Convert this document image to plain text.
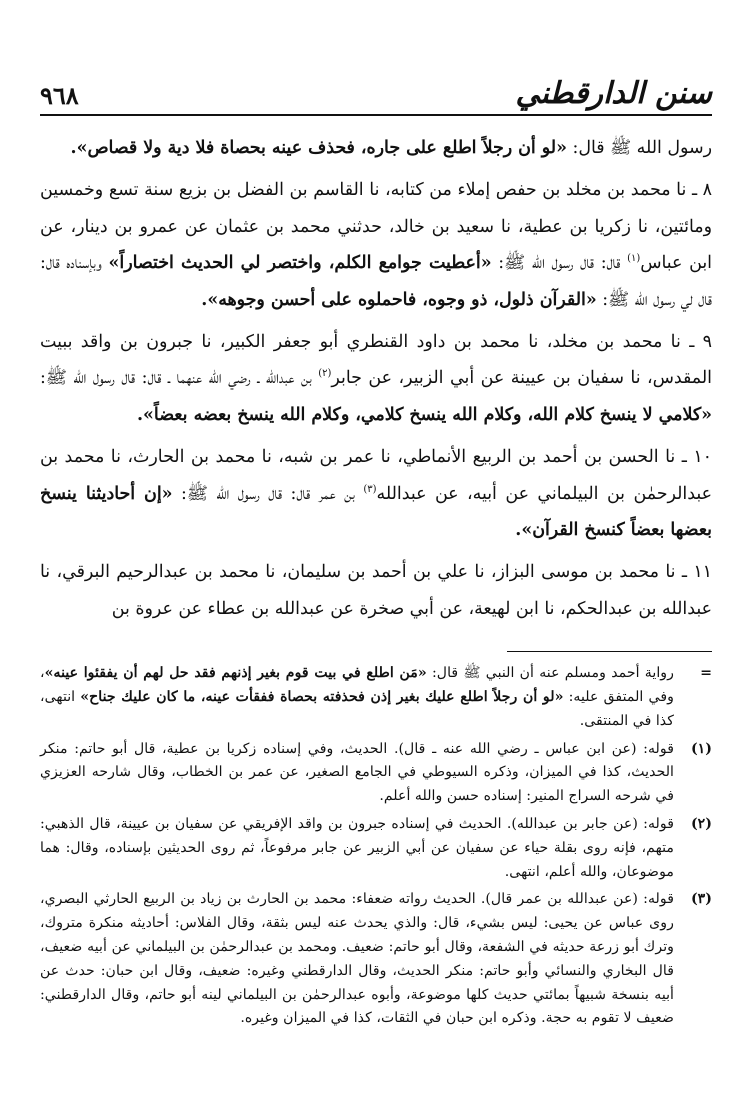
سنن الدارقطني
٩٦٨

رسول الله ﷺ قال: «لو أن رجلاً اطلع على جاره، فحذف عينه بحصاة فلا دية ولا قصاص».

٨ ـ نا محمد بن مخلد بن حفص إملاء من كتابه، نا القاسم بن الفضل بن بزيع سنة تسع وخمسين ومائتين، نا زكريا بن عطية، نا سعيد بن خالد، حدثني محمد بن عثمان عن عمرو بن دينار، عن ابن عباس$^{(١)}$ قال: قال رسول الله ﷺ: «أعطيت جوامع الكلم، واختصر لي الحديث اختصاراً» وبإسناده قال: قال لي رسول الله ﷺ: «القرآن ذلول، ذو وجوه، فاحملوه على أحسن وجوهه».

٩ ـ نا محمد بن مخلد، نا محمد بن داود القنطري أبو جعفر الكبير، نا جبرون بن واقد ببيت المقدس، نا سفيان بن عيينة عن أبي الزبير، عن جابر$^{(٢)}$ بن عبدالله ـ رضي الله عنهما ـ قال: قال رسول الله ﷺ: «كلامي لا ينسخ كلام الله، وكلام الله ينسخ كلامي، وكلام الله ينسخ بعضه بعضاً».

١٠ ـ نا الحسن بن أحمد بن الربيع الأنماطي، نا عمر بن شبه، نا محمد بن الحارث، نا محمد بن عبدالرحمٰن بن البيلماني عن أبيه، عن عبدالله$^{(٣)}$ بن عمر قال: قال رسول الله ﷺ: «إن أحاديثنا ينسخ بعضها بعضاً كنسخ القرآن».

١١ ـ نا محمد بن موسى البزاز، نا علي بن أحمد بن سليمان، نا محمد بن عبدالرحيم البرقي، نا عبدالله بن عبدالحكم، نا ابن لهيعة، عن أبي صخرة عن عبدالله بن عطاء عن عروة بن

=
رواية أحمد ومسلم عنه أن النبي ﷺ قال: «مَن اطلع في بيت قوم بغير إذنهم فقد حل لهم أن يفقئوا عينه»، وفي المتفق عليه: «لو أن رجلاً اطلع عليك بغير إذن فحذفته بحصاة ففقأت عينه، ما كان عليك جناح» انتهى، كذا في المنتقى.
(١)
قوله: (عن ابن عباس ـ رضي الله عنه ـ قال). الحديث، وفي إسناده زكريا بن عطية، قال أبو حاتم: منكر الحديث، كذا في الميزان، وذكره السيوطي في الجامع الصغير، عن عمر بن الخطاب، وقال شارحه العزيزي في شرحه السراج المنير: إسناده حسن والله أعلم.
(٢)
قوله: (عن جابر بن عبدالله). الحديث في إسناده جبرون بن واقد الإفريقي عن سفيان بن عيينة، قال الذهبي: متهم، فإنه روى بقلة حياء عن سفيان عن أبي الزبير عن جابر مرفوعاً، ثم روى الحديثين بإسناده، وقال: هما موضوعان، والله أعلم، انتهى.
(٣)
قوله: (عن عبدالله بن عمر قال). الحديث رواته ضعفاء: محمد بن الحارث بن زياد بن الربيع الحارثي البصري، روى عباس عن يحيى: ليس بشيء، قال: والذي يحدث عنه ليس بثقة، وقال الفلاس: أحاديثه منكرة متروك، وترك أبو زرعة حديثه في الشفعة، وقال أبو حاتم: ضعيف. ومحمد بن عبدالرحمٰن بن البيلماني عن أبيه ضعيف، قال البخاري والنسائي وأبو حاتم: منكر الحديث، وقال الدارقطني وغيره: ضعيف، وقال ابن حبان: حدث عن أبيه بنسخة شبيهاً بمائتي حديث كلها موضوعة، وأبوه عبدالرحمٰن بن البيلماني لينه أبو حاتم، وقال الدارقطني: ضعيف لا تقوم به حجة. وذكره ابن حبان في الثقات، كذا في الميزان وغيره.
